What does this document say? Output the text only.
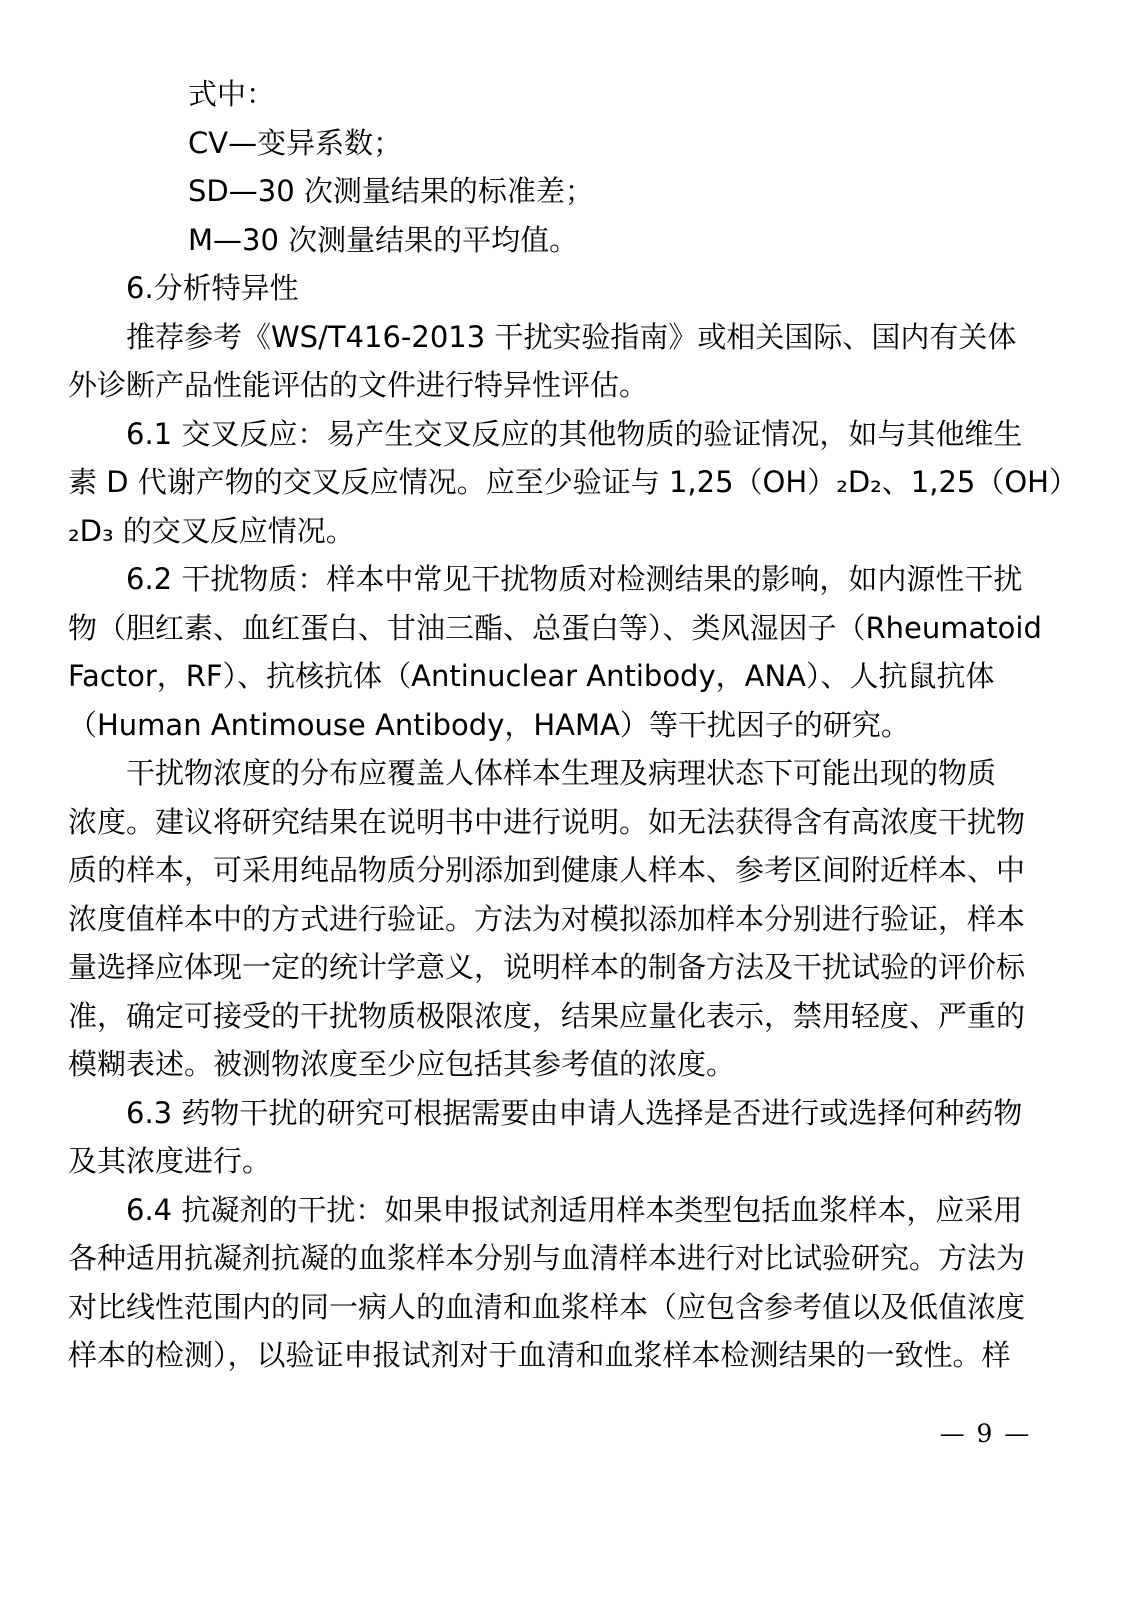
式中：
CV—变异系数；
SD—30 次测量结果的标准差；
M—30 次测量结果的平均值。
6.分析特异性
推荐参考《WS/T416-2013 干扰实验指南》或相关国际、国内有关体
外诊断产品性能评估的文件进行特异性评估。
6.1 交叉反应：易产生交叉反应的其他物质的验证情况，如与其他维生
素 D 代谢产物的交叉反应情况。应至少验证与 1,25（OH）₂D₂、1,25（OH）
₂D₃ 的交叉反应情况。
6.2 干扰物质：样本中常见干扰物质对检测结果的影响，如内源性干扰
物（胆红素、血红蛋白、甘油三酯、总蛋白等）、类风湿因子（Rheumatoid
Factor，RF）、抗核抗体（Antinuclear Antibody，ANA）、人抗鼠抗体
（Human Antimouse Antibody，HAMA）等干扰因子的研究。
干扰物浓度的分布应覆盖人体样本生理及病理状态下可能出现的物质
浓度。建议将研究结果在说明书中进行说明。如无法获得含有高浓度干扰物
质的样本，可采用纯品物质分别添加到健康人样本、参考区间附近样本、中
浓度值样本中的方式进行验证。方法为对模拟添加样本分别进行验证，样本
量选择应体现一定的统计学意义，说明样本的制备方法及干扰试验的评价标
准，确定可接受的干扰物质极限浓度，结果应量化表示，禁用轻度、严重的
模糊表述。被测物浓度至少应包括其参考值的浓度。
6.3 药物干扰的研究可根据需要由申请人选择是否进行或选择何种药物
及其浓度进行。
6.4 抗凝剂的干扰：如果申报试剂适用样本类型包括血浆样本，应采用
各种适用抗凝剂抗凝的血浆样本分别与血清样本进行对比试验研究。方法为
对比线性范围内的同一病人的血清和血浆样本（应包含参考值以及低值浓度
样本的检测），以验证申报试剂对于血清和血浆样本检测结果的一致性。样
— 9 —
